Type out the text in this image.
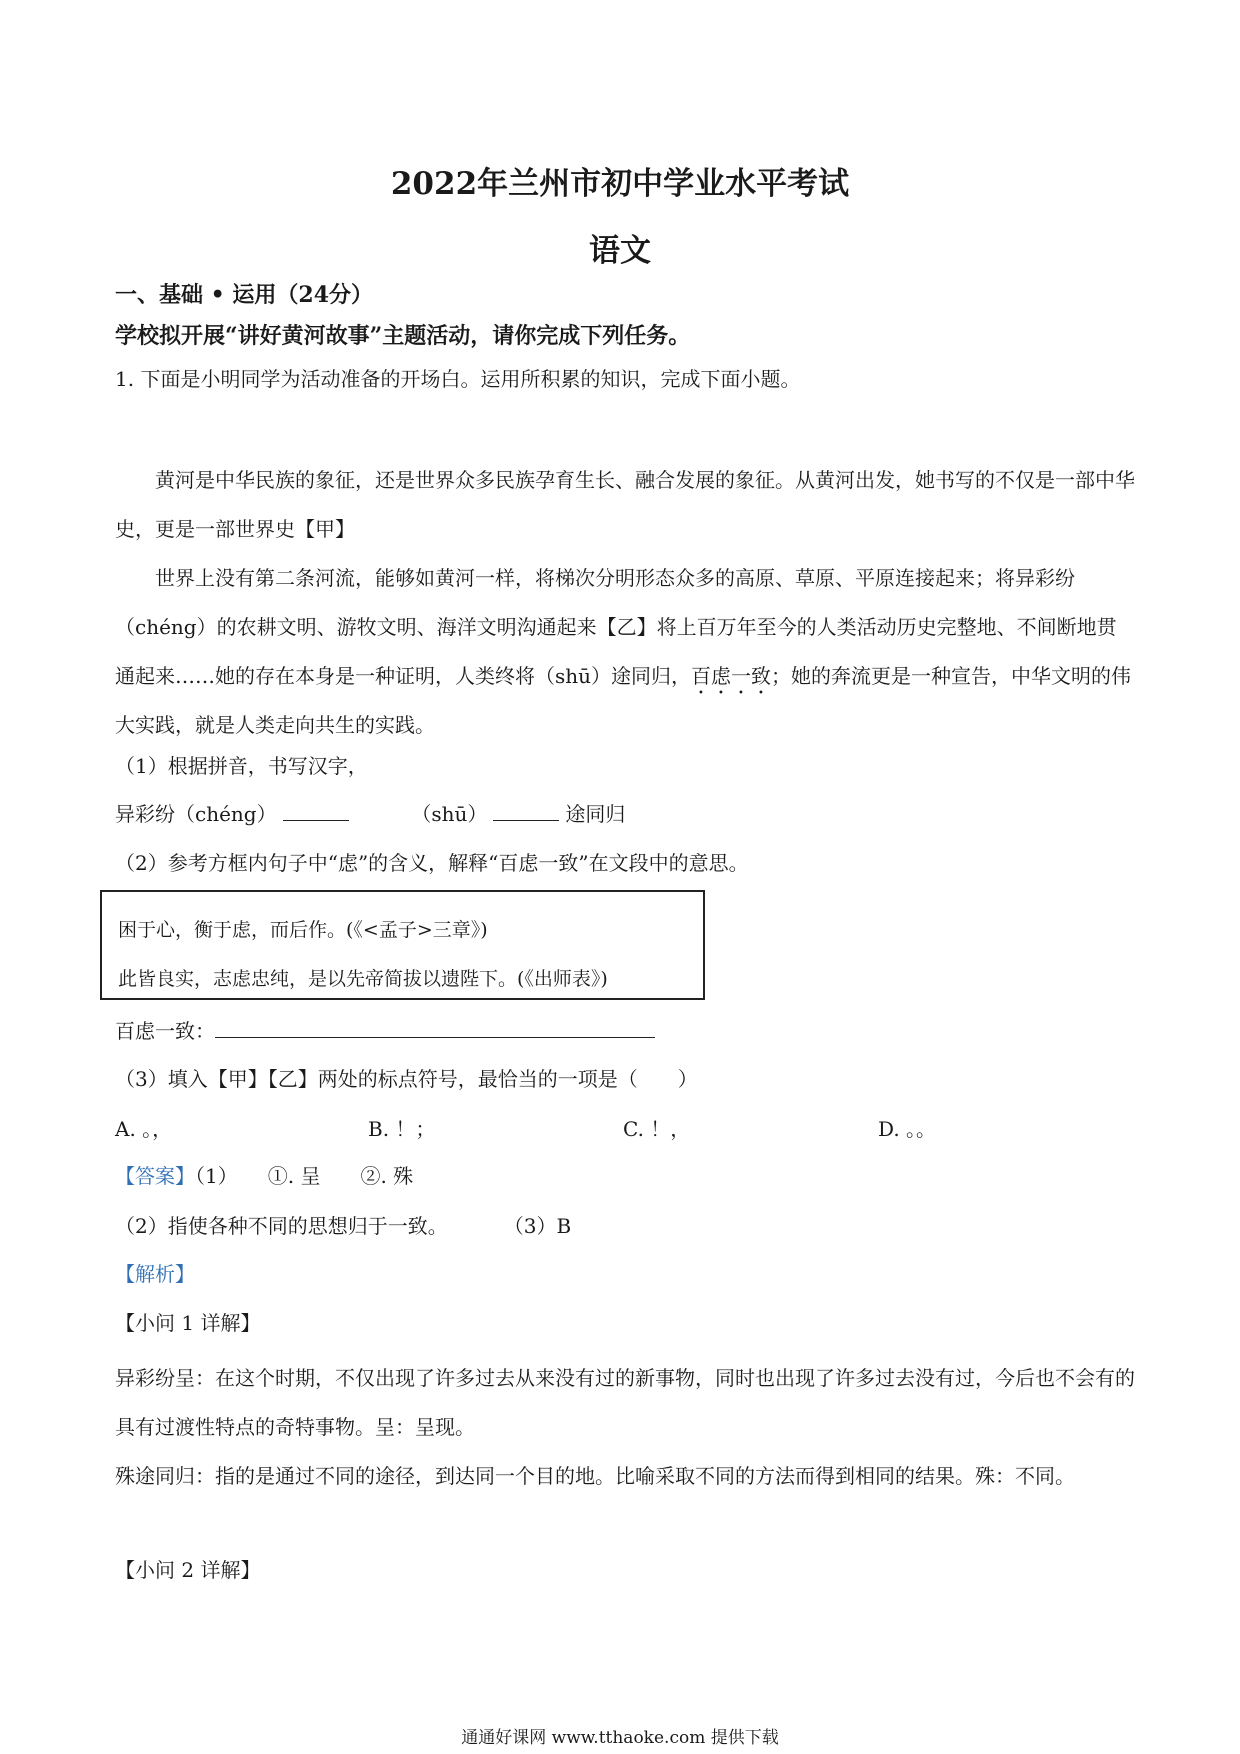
2022年兰州市初中学业水平考试
语文
一、基础 • 运用（24分）
学校拟开展“讲好黄河故事”主题活动，请你完成下列任务。
1. 下面是小明同学为活动准备的开场白。运用所积累的知识，完成下面小题。

黄河是中华民族的象征，还是世界众多民族孕育生长、融合发展的象征。从黄河出发，她书写的不仅是一部中华史，更是一部世界史【甲】

世界上没有第二条河流，能够如黄河一样，将梯次分明形态众多的高原、草原、平原连接起来；将异彩纷（chéng）的农耕文明、游牧文明、海洋文明沟通起来【乙】将上百万年至今的人类活动历史完整地、不间断地贯通起来……她的存在本身是一种证明，人类终将（shū）途同归，百虑一致；她的奔流更是一种宣告，中华文明的伟大实践，就是人类走向共生的实践。

（1）根据拼音，书写汉字，
异彩纷（chéng）	（shū）	途同归
（2）参考方框内句子中“虑”的含义，解释“百虑一致”在文段中的意思。
困于心，衡于虑，而后作。(《<孟子>三章》)
此皆良实，志虑忠纯，是以先帝简拔以遗陛下。(《出师表》)
百虑一致：
（3）填入【甲】【乙】两处的标点符号，最恰当的一项是（　　）
A. 。，	B. ！；	C. ！，	D. 。。
【答案】（1）　　①. 呈　　②. 殊
（2）指使各种不同的思想归于一致。	（3）B
【解析】
【小问 1 详解】
异彩纷呈：在这个时期，不仅出现了许多过去从来没有过的新事物，同时也出现了许多过去没有过，今后也不会有的具有过渡性特点的奇特事物。呈：呈现。
殊途同归：指的是通过不同的途径，到达同一个目的地。比喻采取不同的方法而得到相同的结果。殊：不同。
【小问 2 详解】
通通好课网 www.tthaoke.com 提供下载
